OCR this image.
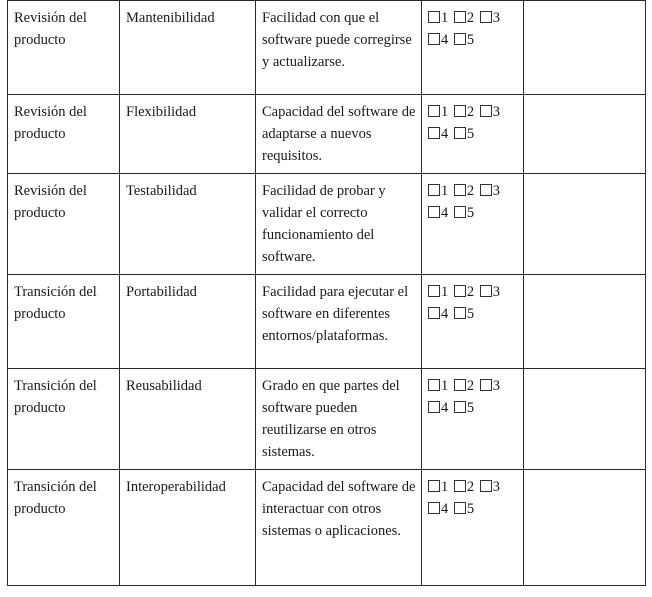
Revisión del producto	Mantenibilidad	Facilidad con que el software puede corregirse y actualizarse.	1 2 3
4 5	

Revisión del producto	Flexibilidad	Capacidad del software de adaptarse a nuevos requisitos.	1 2 3
4 5	

Revisión del producto	Testabilidad	Facilidad de probar y validar el correcto funcionamiento del software.	1 2 3
4 5	

Transición del producto	Portabilidad	Facilidad para ejecutar el software en diferentes entornos/plataformas.	1 2 3
4 5	

Transición del producto	Reusabilidad	Grado en que partes del software pueden reutilizarse en otros sistemas.	1 2 3
4 5	

Transición del producto	Interoperabilidad	Capacidad del software de interactuar con otros sistemas o aplicaciones.	1 2 3
4 5	
